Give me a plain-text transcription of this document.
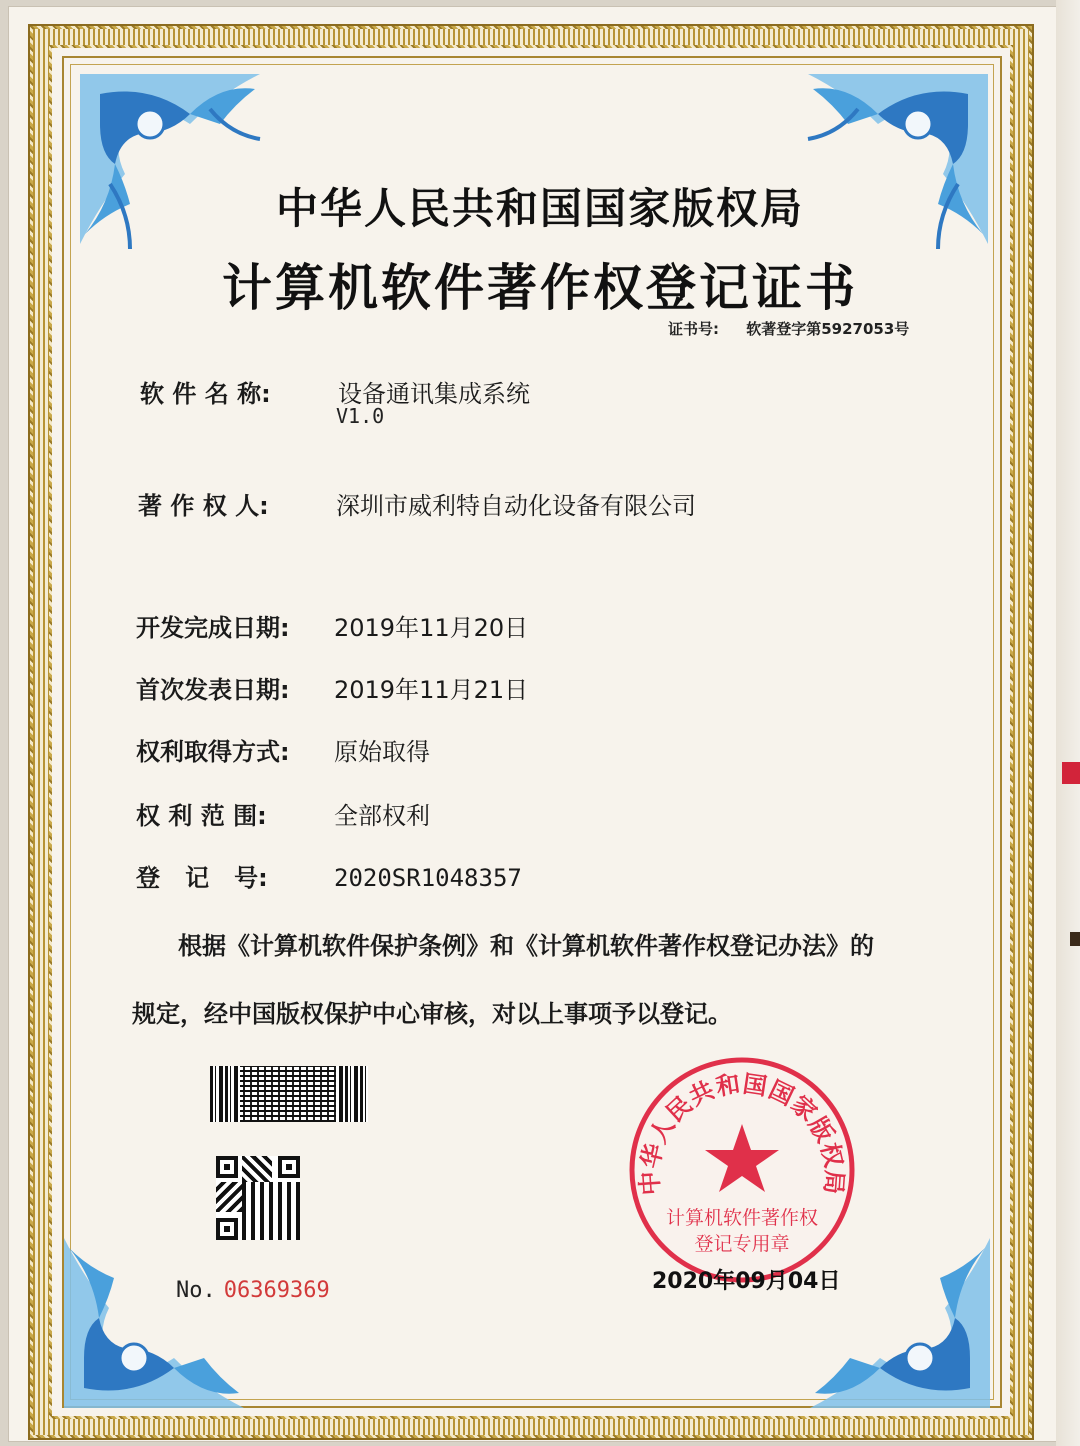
中华人民共和国国家版权局
计算机软件著作权登记证书
证书号: 软著登字第5927053号
软 件 名 称:	设备通讯集成系统
V1.0
著 作 权 人:	深圳市威利特自动化设备有限公司
开发完成日期: 2019年11月20日
首次发表日期: 2019年11月21日
权利取得方式: 原始取得
权 利 范 围:	全部权利
登   记   号:	2020SR1048357
根据《计算机软件保护条例》和《计算机软件著作权登记办法》的
规定，经中国版权保护中心审核，对以上事项予以登记。
No. 06369369
中华人民共和国国家版权局
计算机软件著作权
登记专用章
2020年09月04日
